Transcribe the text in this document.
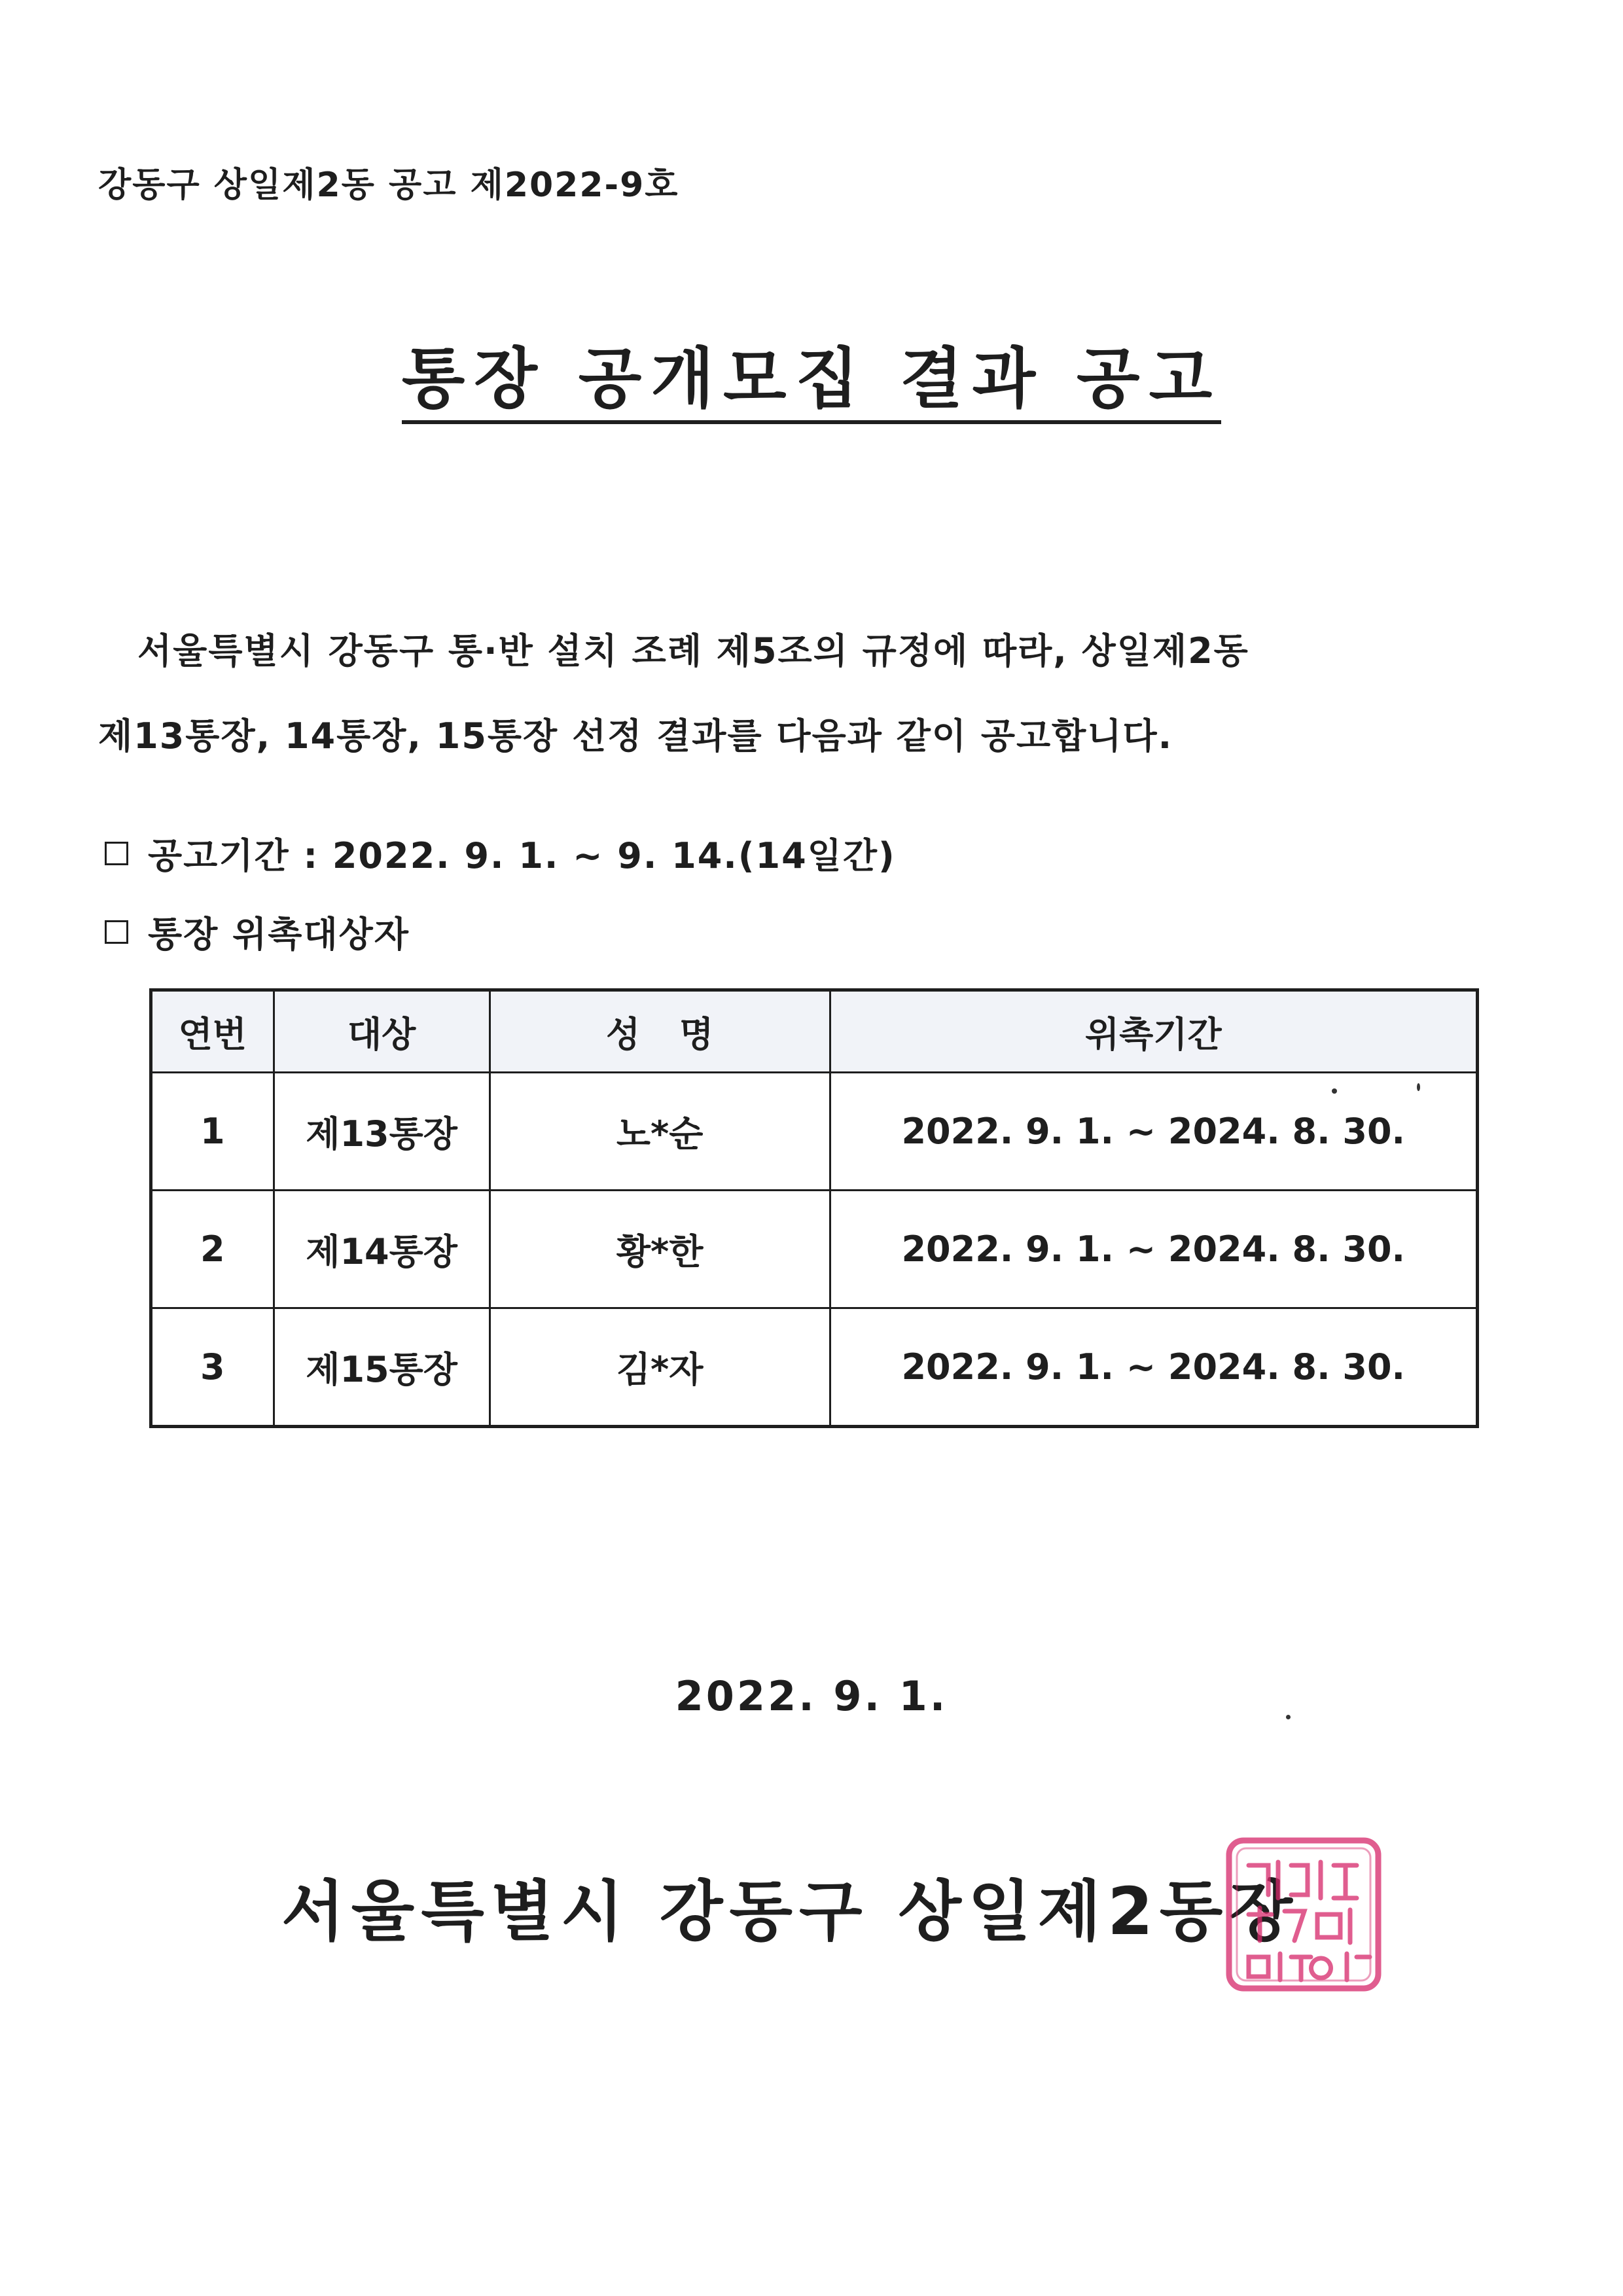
강동구 상일제2동 공고 제2022-9호
통장 공개모집 결과 공고
서울특별시 강동구 통·반 설치 조례 제5조의 규정에 따라, 상일제2동
제13통장, 14통장, 15통장 선정 결과를 다음과 같이 공고합니다.
공고기간 : 2022. 9. 1. ~ 9. 14.(14일간)
통장 위촉대상자
연번	대상	성명	위촉기간
1	제13통장	노*순	2022. 9. 1. ~ 2024. 8. 30.
2	제14통장	황*한	2022. 9. 1. ~ 2024. 8. 30.
3	제15통장	김*자	2022. 9. 1. ~ 2024. 8. 30.
2022. 9. 1.
서울특별시 강동구 상일제2동장
